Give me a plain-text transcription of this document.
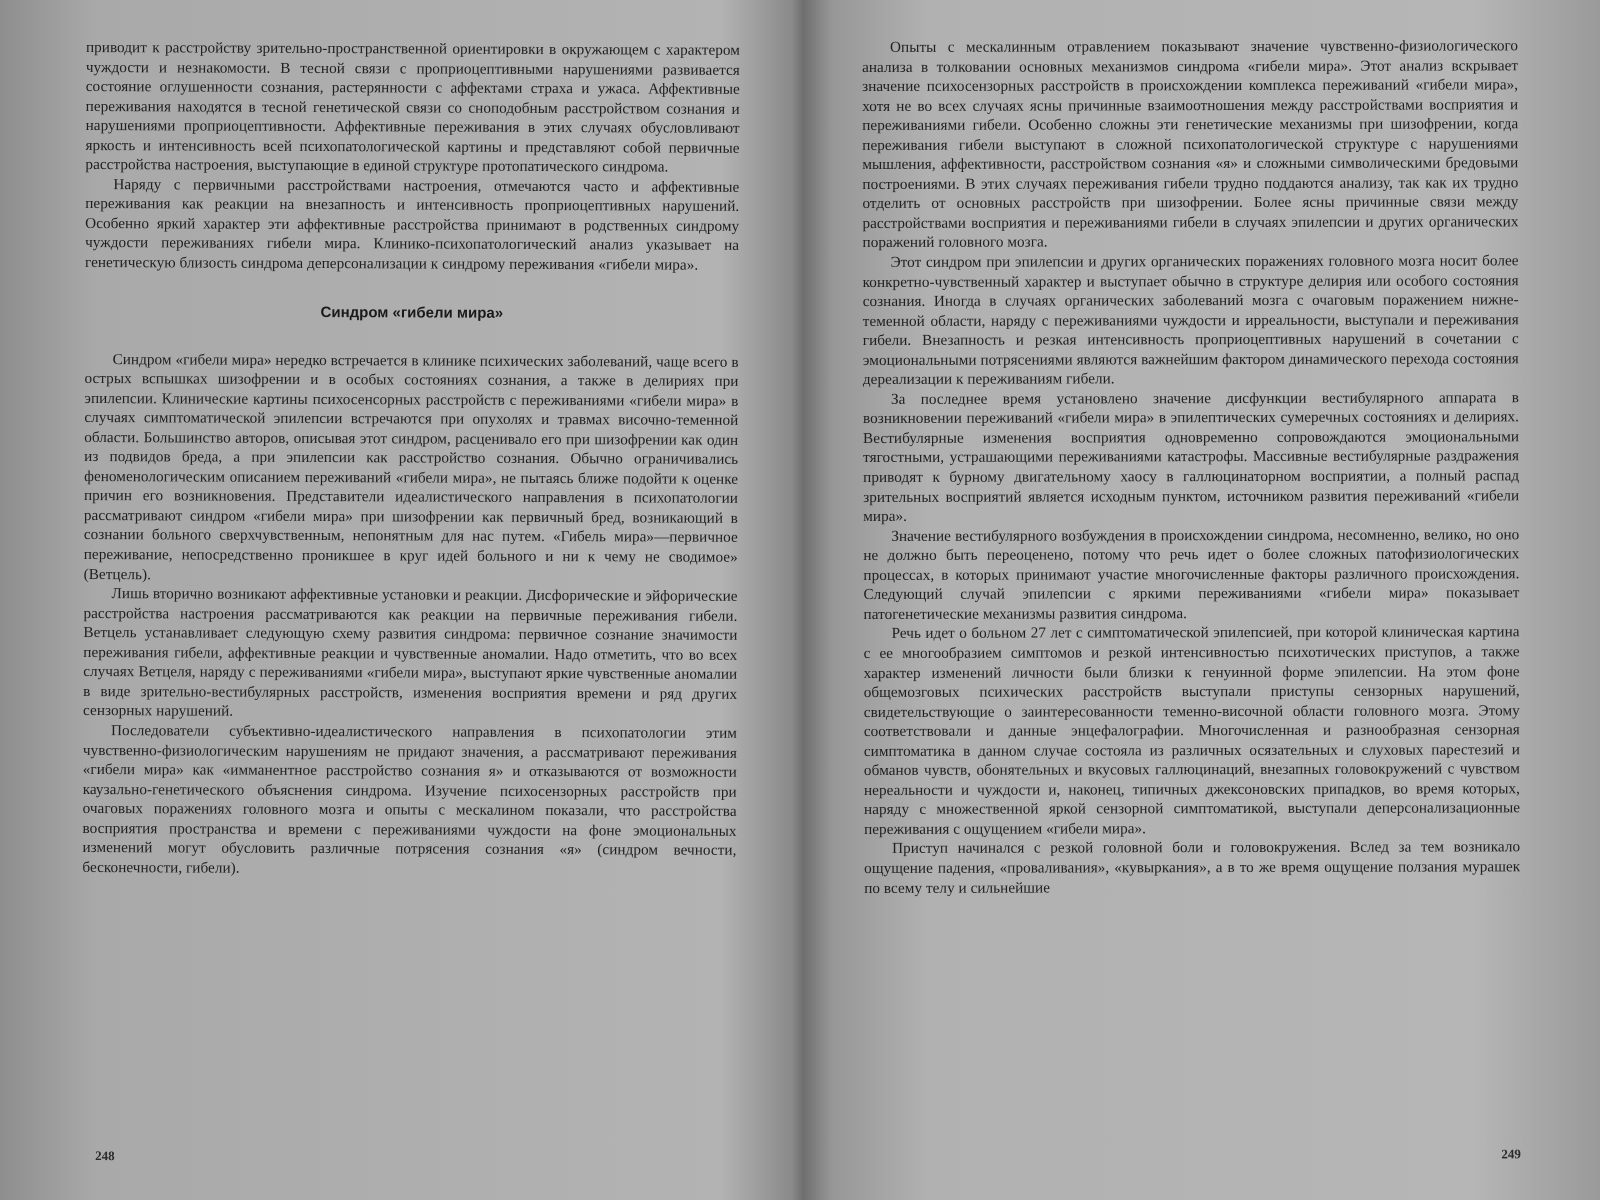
приводит к расстройству зрительно-пространственной ориентировки в окружающем с характером чуждости и незнакомости. В тесной связи с проприоцептивными нарушениями развивается состояние оглушенности сознания, растерянности с аффектами страха и ужаса. Аффективные переживания находятся в тесной генетической связи со сноподобным расстройством сознания и нарушениями проприоцептивности. Аффективные переживания в этих случаях обусловливают яркость и интенсивность всей психопатологической картины и представляют собой первичные расстройства настроения, выступающие в единой структуре протопатического синдрома.

Наряду с первичными расстройствами настроения, отмечаются часто и аффективные переживания как реакции на внезапность и интенсивность проприоцептивных нарушений. Особенно яркий характер эти аффективные расстройства принимают в родственных синдрому чуждости переживаниях гибели мира. Клинико-психопатологический анализ указывает на генетическую близость синдрома деперсонализации к синдрому переживания «гибели мира».

Синдром «гибели мира»

Синдром «гибели мира» нередко встречается в клинике психических заболеваний, чаще всего в острых вспышках шизофрении и в особых состояниях сознания, а также в делириях при эпилепсии. Клинические картины психосенсорных расстройств с переживаниями «гибели мира» в случаях симптоматической эпилепсии встречаются при опухолях и травмах височно-теменной области. Большинство авторов, описывая этот синдром, расценивало его при шизофрении как один из подвидов бреда, а при эпилепсии как расстройство сознания. Обычно ограничивались феноменологическим описанием переживаний «гибели мира», не пытаясь ближе подойти к оценке причин его возникновения. Представители идеалистического направления в психопатологии рассматривают синдром «гибели мира» при шизофрении как первичный бред, возникающий в сознании больного сверхчувственным, непонятным для нас путем. «Гибель мира»—первичное переживание, непосредственно проникшее в круг идей больного и ни к чему не сводимое» (Ветцель).

Лишь вторично возникают аффективные установки и реакции. Дисфорические и эйфорические расстройства настроения рассматриваются как реакции на первичные переживания гибели. Ветцель устанавливает следующую схему развития синдрома: первичное сознание значимости переживания гибели, аффективные реакции и чувственные аномалии. Надо отметить, что во всех случаях Ветцеля, наряду с переживаниями «гибели мира», выступают яркие чувственные аномалии в виде зрительно-вестибулярных расстройств, изменения восприятия времени и ряд других сензорных нарушений.

Последователи субъективно-идеалистического направления в психопатологии этим чувственно-физиологическим нарушениям не придают значения, а рассматривают переживания «гибели мира» как «имманентное расстройство сознания я» и отказываются от возможности каузально-генетического объяснения синдрома. Изучение психосензорных расстройств при очаговых поражениях головного мозга и опыты с мескалином показали, что расстройства восприятия пространства и времени с переживаниями чуждости на фоне эмоциональных изменений могут обусловить различные потрясения сознания «я» (синдром вечности, бесконечности, гибели).

248

Опыты с мескалинным отравлением показывают значение чувственно-физиологического анализа в толковании основных механизмов синдрома «гибели мира». Этот анализ вскрывает значение психосензорных расстройств в происхождении комплекса переживаний «гибели мира», хотя не во всех случаях ясны причинные взаимоотношения между расстройствами восприятия и переживаниями гибели. Особенно сложны эти генетические механизмы при шизофрении, когда переживания гибели выступают в сложной психопатологической структуре с нарушениями мышления, аффективности, расстройством сознания «я» и сложными символическими бредовыми построениями. В этих случаях переживания гибели трудно поддаются анализу, так как их трудно отделить от основных расстройств при шизофрении. Более ясны причинные связи между расстройствами восприятия и переживаниями гибели в случаях эпилепсии и других органических поражений головного мозга.

Этот синдром при эпилепсии и других органических поражениях головного мозга носит более конкретно-чувственный характер и выступает обычно в структуре делирия или особого состояния сознания. Иногда в случаях органических заболеваний мозга с очаговым поражением нижне-теменной области, наряду с переживаниями чуждости и ирреальности, выступали и переживания гибели. Внезапность и резкая интенсивность проприоцептивных нарушений в сочетании с эмоциональными потрясениями являются важнейшим фактором динамического перехода состояния дереализации к переживаниям гибели.

За последнее время установлено значение дисфункции вестибулярного аппарата в возникновении переживаний «гибели мира» в эпилептических сумеречных состояниях и делириях. Вестибулярные изменения восприятия одновременно сопровождаются эмоциональными тягостными, устрашающими переживаниями катастрофы. Массивные вестибулярные раздражения приводят к бурному двигательному хаосу в галлюцинаторном восприятии, а полный распад зрительных восприятий является исходным пунктом, источником развития переживаний «гибели мира».

Значение вестибулярного возбуждения в происхождении синдрома, несомненно, велико, но оно не должно быть переоценено, потому что речь идет о более сложных патофизиологических процессах, в которых принимают участие многочисленные факторы различного происхождения. Следующий случай эпилепсии с яркими переживаниями «гибели мира» показывает патогенетические механизмы развития синдрома.

Речь идет о больном 27 лет с симптоматической эпилепсией, при которой клиническая картина с ее многообразием симптомов и резкой интенсивностью психотических приступов, а также характер изменений личности были близки к генуинной форме эпилепсии. На этом фоне общемозговых психических расстройств выступали приступы сензорных нарушений, свидетельствующие о заинтересованности теменно-височной области головного мозга. Этому соответствовали и данные энцефалографии. Многочисленная и разнообразная сензорная симптоматика в данном случае состояла из различных осязательных и слуховых парестезий и обманов чувств, обонятельных и вкусовых галлюцинаций, внезапных головокружений с чувством нереальности и чуждости и, наконец, типичных джексоновских припадков, во время которых, наряду с множественной яркой сензорной симптоматикой, выступали деперсонализационные переживания с ощущением «гибели мира».

Приступ начинался с резкой головной боли и головокружения. Вслед за тем возникало ощущение падения, «проваливания», «кувыркания», а в то же время ощущение ползания мурашек по всему телу и сильнейшие

249
